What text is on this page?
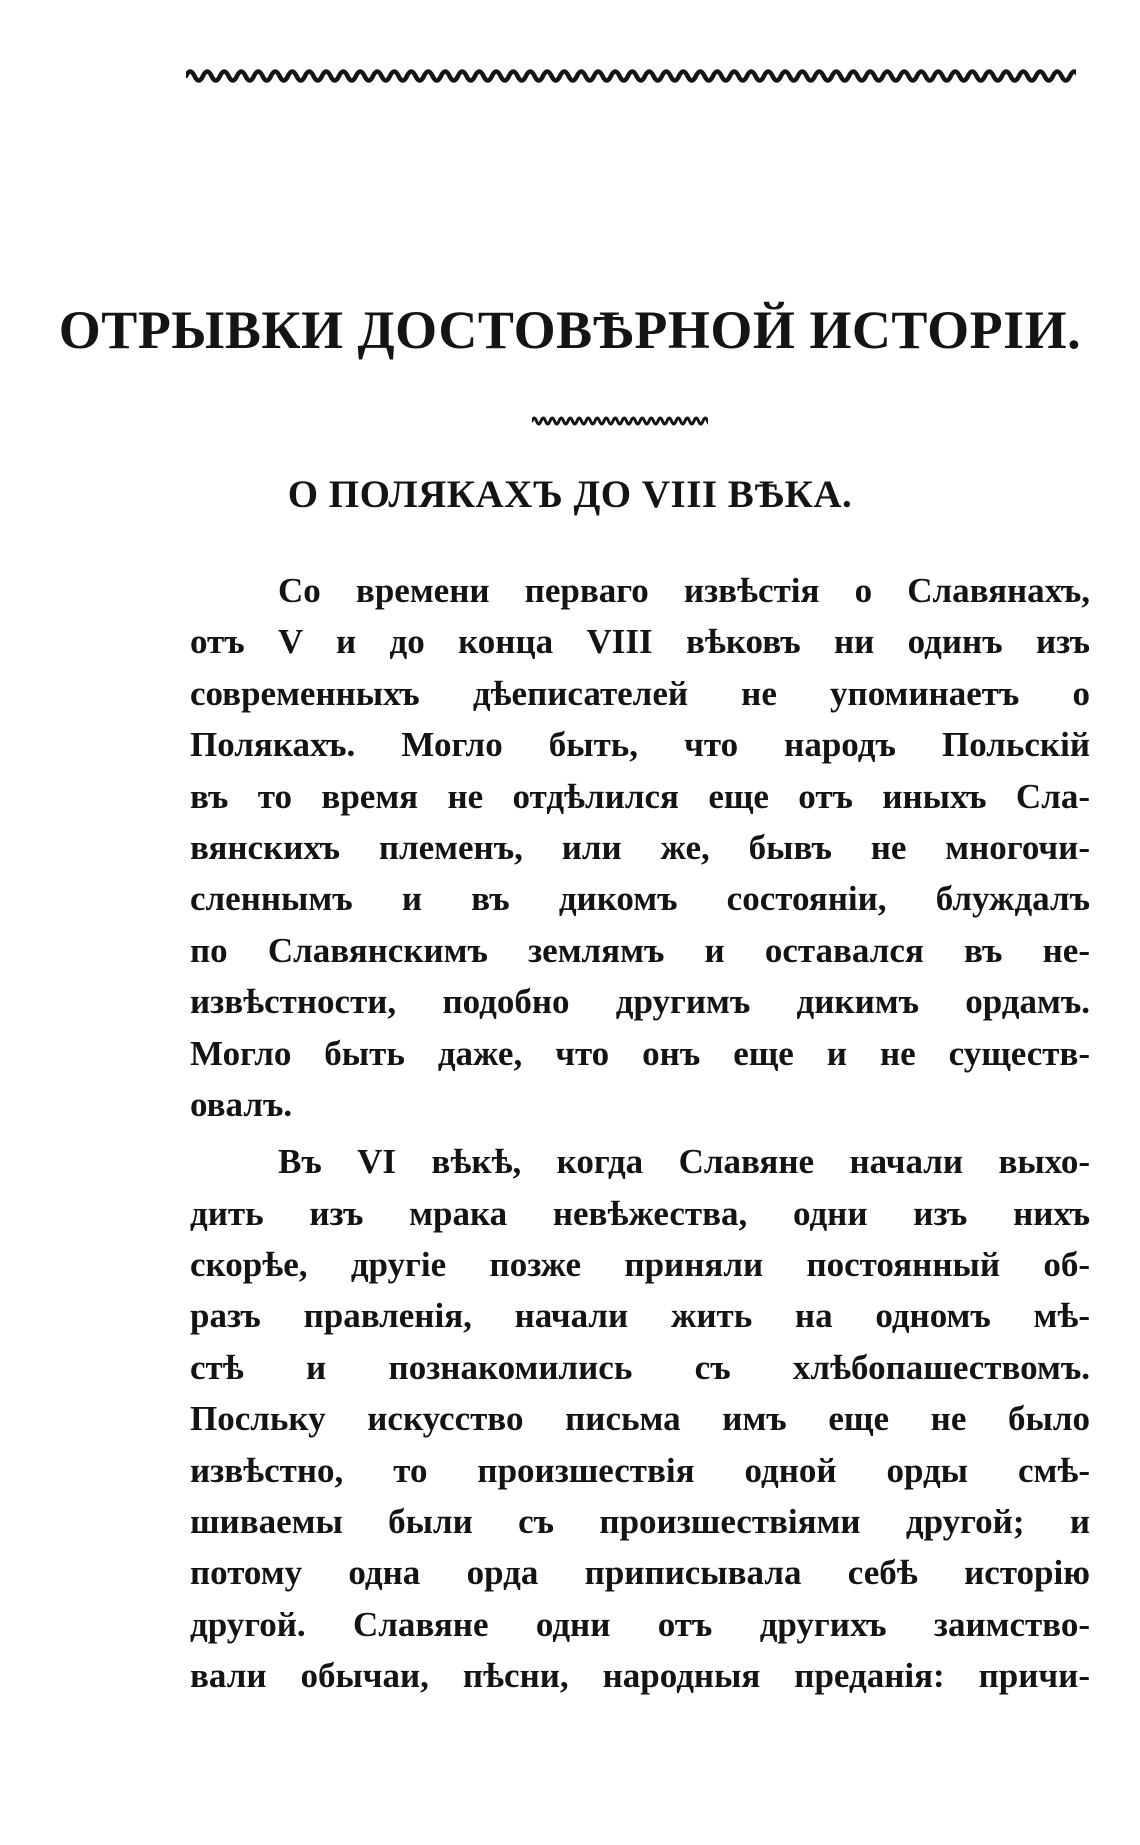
ОТРЫВКИ ДОСТОВѢРНОЙ ИСТОРІИ.
О ПОЛЯКАХЪ ДО VIII ВѢКА.
Со времени перваго извѣстія о Славянахъ,
отъ V и до конца VIII вѣковъ ни одинъ изъ
современныхъ дѣеписателей не упоминаетъ о
Полякахъ. Могло быть, что народъ Польскій
въ то время не отдѣлился еще отъ иныхъ Сла-
вянскихъ племенъ, или же, бывъ не многочи-
сленнымъ и въ дикомъ состояніи, блуждалъ
по Славянскимъ землямъ и оставался въ не-
извѣстности, подобно другимъ дикимъ ордамъ.
Могло быть даже, что онъ еще и не существ-
овалъ.
Въ VI вѣкѣ, когда Славяне начали выхо-
дить изъ мрака невѣжества, одни изъ нихъ
скорѣе, другіе позже приняли постоянный об-
разъ правленія, начали жить на одномъ мѣ-
стѣ и познакомились съ хлѣбопашествомъ.
Посльку искусство письма имъ еще не было
извѣстно, то произшествія одной орды смѣ-
шиваемы были съ произшествіями другой; и
потому одна орда приписывала себѣ исторію
другой. Славяне одни отъ другихъ заимство-
вали обычаи, пѣсни, народныя преданія: причи-
